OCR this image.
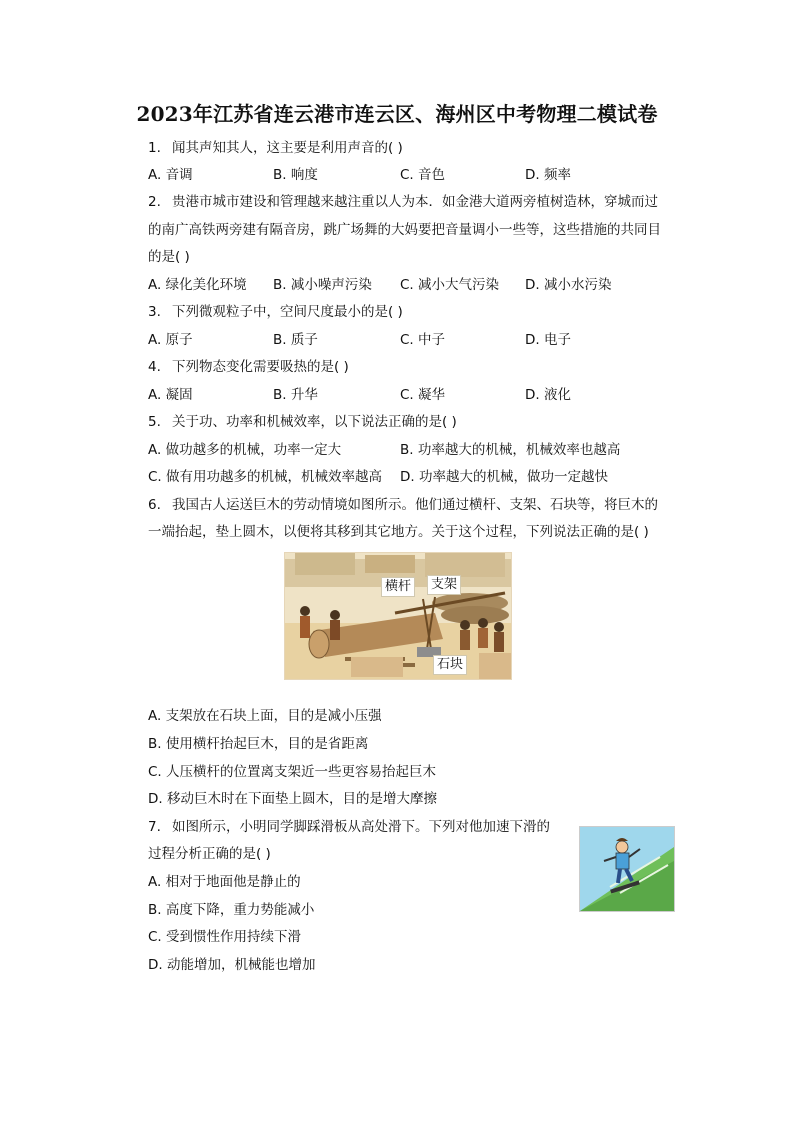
2023年江苏省连云港市连云区、海州区中考物理二模试卷
1. 闻其声知其人，这主要是利用声音的( )
A. 音调	B. 响度	C. 音色	D. 频率
2. 贵港市城市建设和管理越来越注重以人为本．如金港大道两旁植树造林，穿城而过
的南广高铁两旁建有隔音房，跳广场舞的大妈要把音量调小一些等，这些措施的共同目
的是( )
A. 绿化美化环境 B. 减小噪声污染 C. 减小大气污染 D. 减小水污染
3. 下列微观粒子中，空间尺度最小的是( )
A. 原子	B. 质子	C. 中子	D. 电子
4. 下列物态变化需要吸热的是( )
A. 凝固	B. 升华	C. 凝华	D. 液化
5. 关于功、功率和机械效率，以下说法正确的是( )
A. 做功越多的机械，功率一定大	B. 功率越大的机械，机械效率也越高
C. 做有用功越多的机械，机械效率越高 D. 功率越大的机械，做功一定越快
6. 我国古人运送巨木的劳动情境如图所示。他们通过横杆、支架、石块等，将巨木的
一端抬起，垫上圆木，以便将其移到其它地方。关于这个过程，下列说法正确的是( )
横杆	支架
石块
A. 支架放在石块上面，目的是减小压强
B. 使用横杆抬起巨木，目的是省距离
C. 人压横杆的位置离支架近一些更容易抬起巨木
D. 移动巨木时在下面垫上圆木，目的是增大摩擦
7. 如图所示，小明同学脚踩滑板从高处滑下。下列对他加速下滑的
过程分析正确的是( )
A. 相对于地面他是静止的
B. 高度下降，重力势能减小
C. 受到惯性作用持续下滑
D. 动能增加，机械能也增加
